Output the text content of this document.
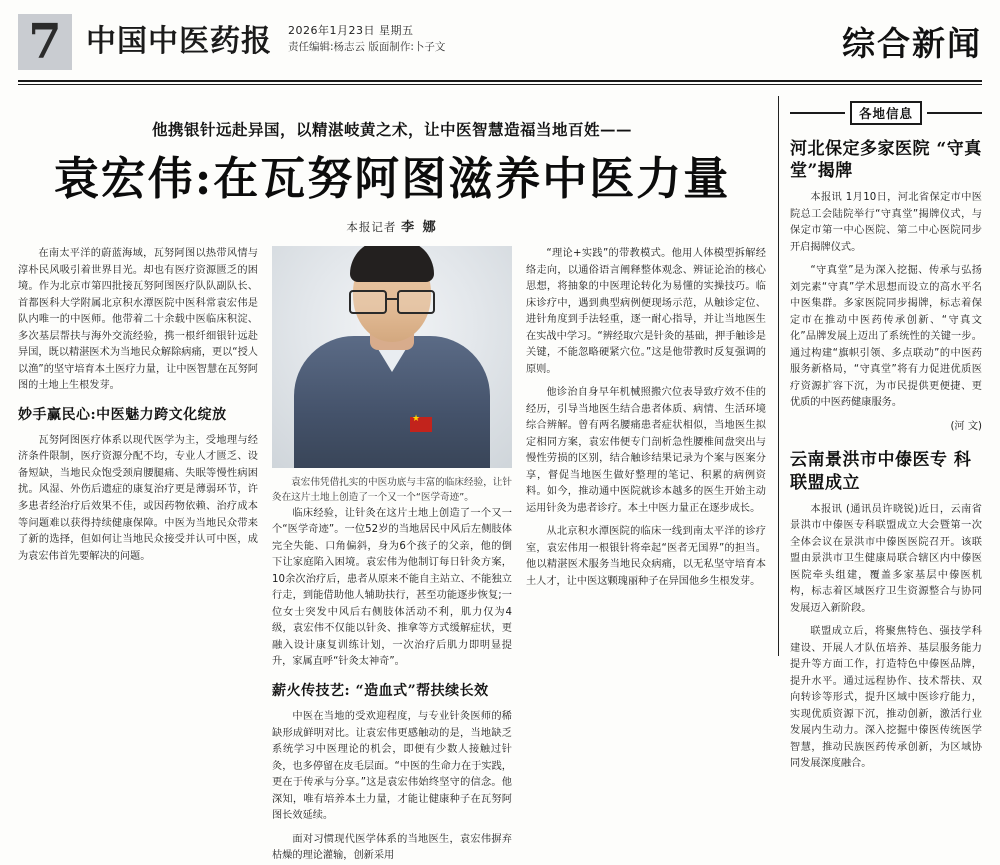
7 中国中医药报 2026年1月23日 星期五
责任编辑:杨志云 版面制作:卜子文	综合新闻
他携银针远赴异国，以精湛岐黄之术，让中医智慧造福当地百姓——
袁宏伟:在瓦努阿图滋养中医力量
本报记者 李 娜

在南太平洋的蔚蓝海域，瓦努阿图以热带风情与淳朴民风吸引着世界目光。却也有医疗资源匮乏的困境。作为北京市第四批接瓦努阿图医疗队队副队长、首都医科大学附属北京积水潭医院中医科常袁宏伟是队内唯一的中医师。他带着二十余载中医临床积淀、多次基层帮扶与海外交流经验，携一根纤细银针远赴异国，既以精湛医术为当地民众解除病痛，更以“授人以渔”的坚守培育本土医疗力量，让中医智慧在瓦努阿图的土地上生根发芽。

妙手赢民心:中医魅力跨文化绽放

瓦努阿图医疗体系以现代医学为主，受地理与经济条件限制，医疗资源分配不均，专业人才匮乏、设备短缺，当地民众饱受颈肩腰腿痛、失眠等慢性病困扰。风湿、外伤后遗症的康复治疗更是薄弱环节，许多患者经治疗后效果不佳，或因药物依赖、治疗成本等问题难以获得持续健康保障。中医为当地民众带来了新的选择，但如何让当地民众接受并认可中医，成为袁宏伟首先要解决的问题。

★
袁宏伟凭借扎实的中医功底与丰富的临床经验，让针灸在这片土地上创造了一个又一个“医学奇迹”。

临床经验，让针灸在这片土地上创造了一个又一个“医学奇迹”。一位52岁的当地居民中风后左侧肢体完全失能、口角偏斜，身为6个孩子的父亲，他的倒下让家庭陷入困境。袁宏伟为他制订每日针灸方案，10余次治疗后，患者从原来不能自主站立、不能独立行走，到能借助他人辅助扶行，甚至功能逐步恢复;一位女士突发中风后右侧肢体活动不利，肌力仅为4级，袁宏伟不仅能以针灸、推拿等方式缓解症状，更融入设计康复训练计划，一次治疗后肌力即明显提升，家属直呼“针灸太神奇”。

薪火传技艺: “造血式”帮扶续长效

中医在当地的受欢迎程度，与专业针灸医师的稀缺形成鲜明对比。让袁宏伟更感触动的是，当地缺乏系统学习中医理论的机会，即便有少数人接触过针灸，也多停留在皮毛层面。“中医的生命力在于实践，更在于传承与分享。”这是袁宏伟始终坚守的信念。他深知，唯有培养本土力量，才能让健康种子在瓦努阿图长效延续。

面对习惯现代医学体系的当地医生，袁宏伟摒弃枯燥的理论灌输，创新采用

“理论+实践”的带教模式。他用人体模型拆解经络走向，以通俗语言阐释整体观念、辨证论治的核心思想，将抽象的中医理论转化为易懂的实操技巧。临床诊疗中，遇到典型病例便现场示范，从触诊定位、进针角度到手法轻重，逐一耐心指导，并让当地医生在实战中学习。“辨经取穴是针灸的基础，押手触诊是关键，不能忽略硬紧穴位。”这是他带教时反复强调的原则。

他诊治自身早年机械照搬穴位表导致疗效不佳的经历，引导当地医生结合患者体质、病情、生活环境综合辨解。曾有两名腰痛患者症状相似，当地医生拟定相同方案，袁宏伟便专门剖析急性腰椎间盘突出与慢性劳损的区别，结合触诊结果记录为个案与医案分享，督促当地医生做好整理的笔记、积累的病例资料。如今，推动通中医院就诊本越多的医生开始主动运用针灸为患者诊疗。本土中医力量正在逐步成长。

从北京积水潭医院的临床一线到南太平洋的诊疗室，袁宏伟用一根银针将牵起“医者无国界”的担当。他以精湛医术服务当地民众病痛，以无私坚守培育本土人才，让中医这颗瑰丽种子在异国他乡生根发芽。

各地信息
河北保定多家医院 “守真堂”揭牌

本报讯 1月10日，河北省保定市中医院总工会陆院举行“守真堂”揭牌仪式，与保定市第一中心医院、第二中心医院同步开启揭牌仪式。

“守真堂”是为深入挖掘、传承与弘扬刘完素“守真”学术思想而设立的高水平名中医集群。多家医院同步揭牌，标志着保定市在推动中医药传承创新、“守真文化”品牌发展上迈出了系统性的关键一步。通过构建“旗帜引领、多点联动”的中医药服务新格局，“守真堂”将有力促进优质医疗资源扩容下沉，为市民提供更便捷、更优质的中医药健康服务。

(河 文)

云南景洪市中傣医专 科联盟成立

本报讯 (通讯员许晓锐)近日，云南省景洪市中傣医专科联盟成立大会暨第一次全体会议在景洪市中傣医医院召开。该联盟由景洪市卫生健康局联合辖区内中傣医医院牵头组建，覆盖多家基层中傣医机构，标志着区域医疗卫生资源整合与协同发展迈入新阶段。

联盟成立后，将聚焦特色、强技学科建设、开展人才队伍培养、基层服务能力提升等方面工作，打造特色中傣医品牌，提升水平。通过远程协作、技术帮扶、双向转诊等形式，提升区域中医诊疗能力，实现优质资源下沉，推动创新，激活行业发展内生动力。深入挖掘中傣医传统医学智慧，推动民族医药传承创新，为区域协同发展深度融合。
